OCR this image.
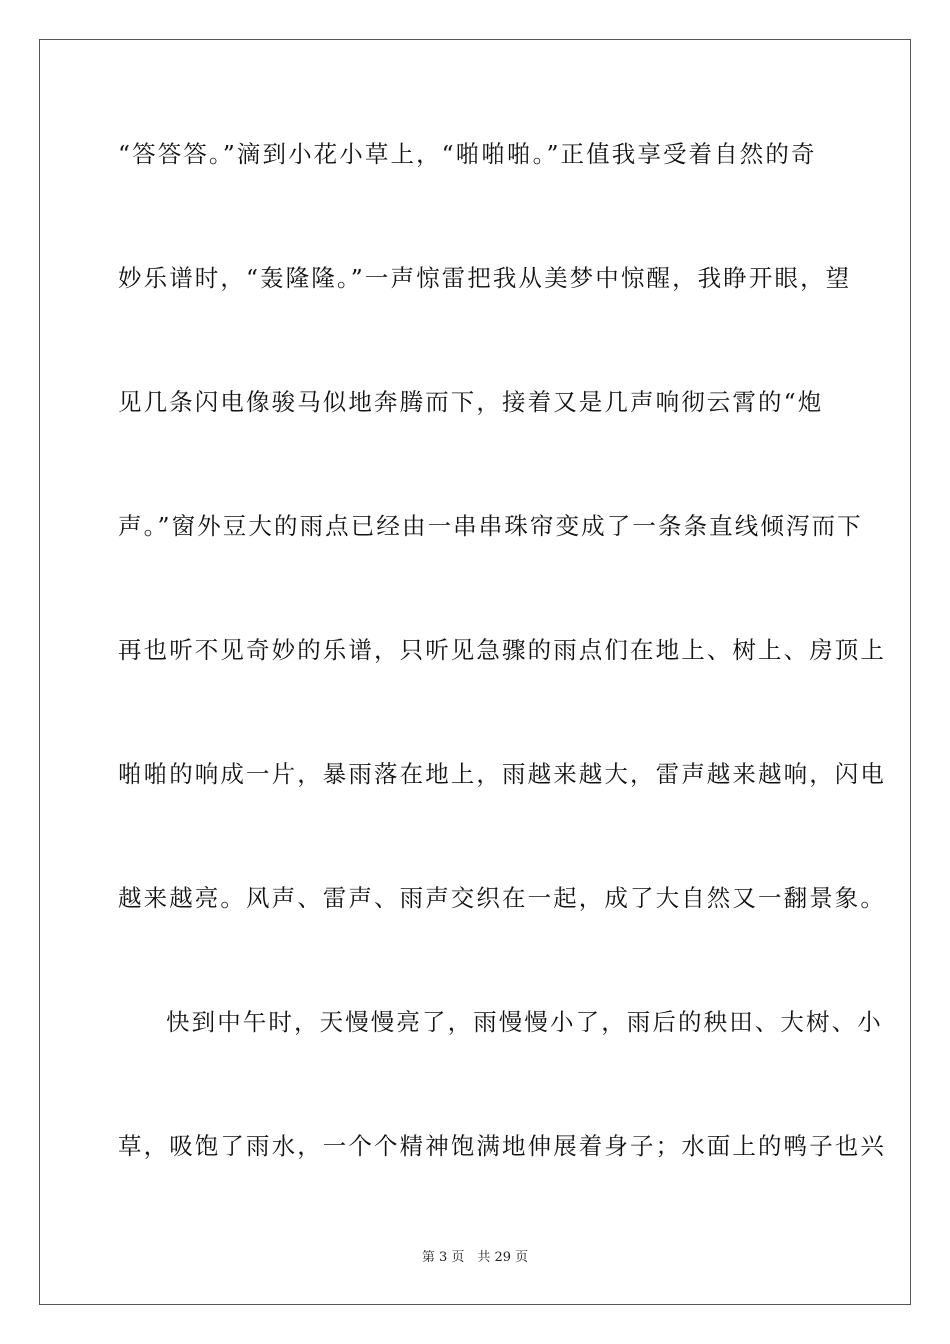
“答答答。”滴到小花小草上，“啪啪啪。”正值我享受着自然的奇
妙乐谱时，“轰隆隆。”一声惊雷把我从美梦中惊醒，我睁开眼，望
见几条闪电像骏马似地奔腾而下，接着又是几声响彻云霄的“炮
声。”窗外豆大的雨点已经由一串串珠帘变成了一条条直线倾泻而下
再也听不见奇妙的乐谱，只听见急骤的雨点们在地上、树上、房顶上
啪啪的响成一片，暴雨落在地上，雨越来越大，雷声越来越响，闪电
越来越亮。风声、雷声、雨声交织在一起，成了大自然又一翻景象。
快到中午时，天慢慢亮了，雨慢慢小了，雨后的秧田、大树、小
草，吸饱了雨水，一个个精神饱满地伸展着身子；水面上的鸭子也兴
第 3 页　共 29 页
